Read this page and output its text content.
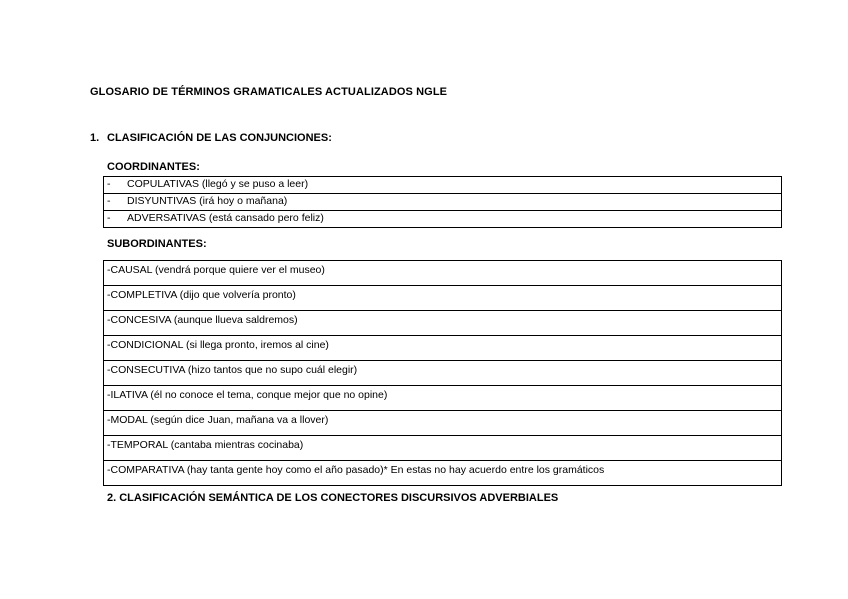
GLOSARIO DE TÉRMINOS GRAMATICALES ACTUALIZADOS NGLE
1. CLASIFICACIÓN DE LAS CONJUNCIONES:
COORDINANTES:
- COPULATIVAS (llegó y se puso a leer)
- DISYUNTIVAS (irá hoy o mañana)
- ADVERSATIVAS (está cansado pero feliz)
SUBORDINANTES:
-CAUSAL (vendrá porque quiere ver el museo)
-COMPLETIVA (dijo que volvería pronto)
-CONCESIVA (aunque llueva saldremos)
-CONDICIONAL (si llega pronto, iremos al cine)
-CONSECUTIVA (hizo tantos que no supo cuál elegir)
-ILATIVA (él no conoce el tema, conque mejor que no opine)
-MODAL (según dice Juan, mañana va a llover)
-TEMPORAL (cantaba mientras cocinaba)
-COMPARATIVA (hay tanta gente hoy como el año pasado)* En estas no hay acuerdo entre los gramáticos
2. CLASIFICACIÓN SEMÁNTICA DE LOS CONECTORES DISCURSIVOS ADVERBIALES
